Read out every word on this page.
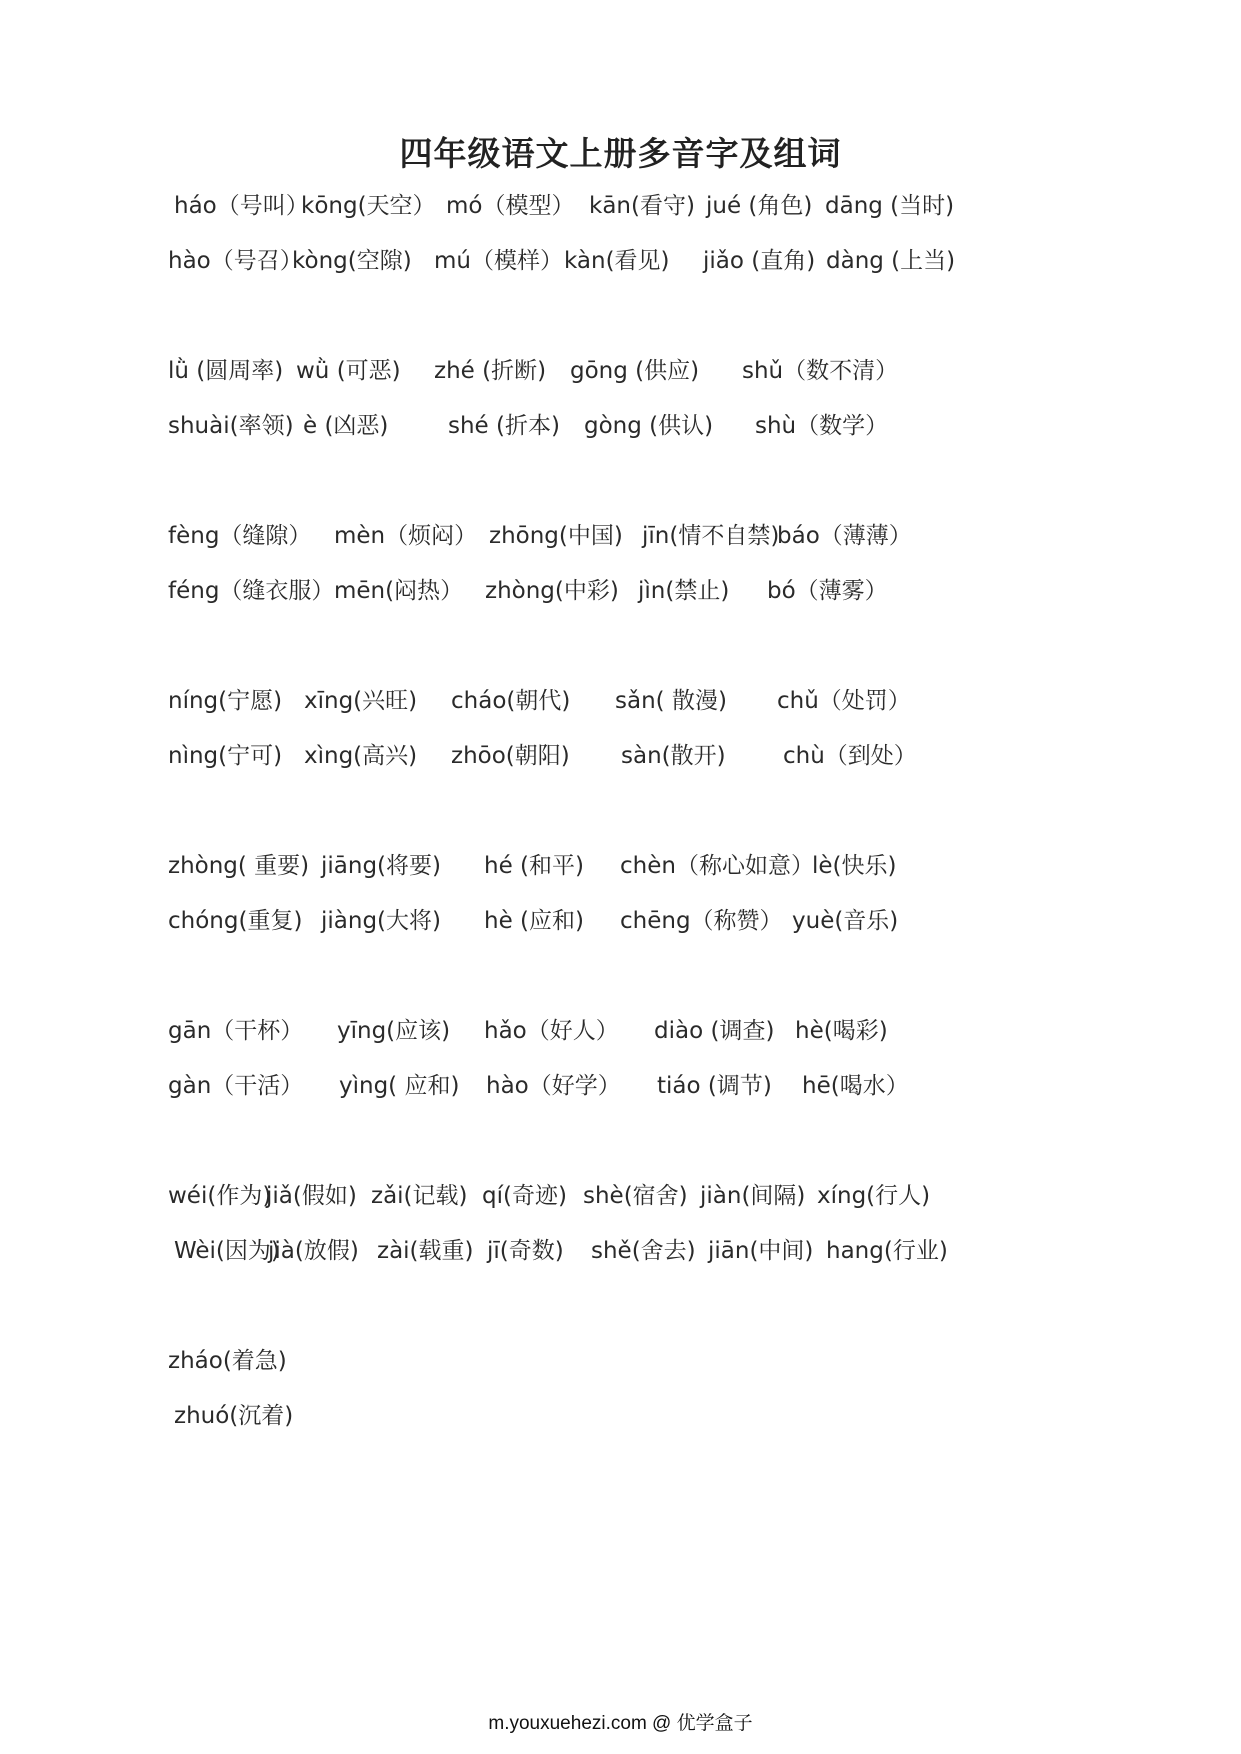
四年级语文上册多音字及组词
háo（号叫）
kōng(天空） mó（模型） kān(看守) jué (角色) dāng (当时)
hào（号召）
kòng(空隙) mú（模样） kàn(看见) jiǎo (直角) dàng (上当)
lǜ (圆周率) wǜ (可恶) zhé (折断) gōng (供应) shǔ（数不清）
shuài(率领) è (凶恶)	shé (折本) gòng (供认) shù（数学）
fèng（缝隙） mèn（烦闷） zhōng(中国) jīn(情不自禁)
báo（薄薄）
féng（缝衣服） mēn(闷热） zhòng(中彩) jìn(禁止) bó（薄雾）
níng(宁愿) xīng(兴旺) cháo(朝代) sǎn( 散漫) chǔ（处罚）
nìng(宁可) xìng(高兴) zhōo(朝阳) sàn(散开) chù（到处）
zhòng( 重要) jiāng(将要) hé (和平) chèn（称心如意）
lè(快乐)
chóng(重复) jiàng(大将) hè (应和) chēng（称赞） yuè(音乐)
gān（干杯） yīng(应该) hǎo（好人） diào (调查) hè(喝彩)
gàn（干活） yìng( 应和) hào（好学） tiáo (调节) hē(喝水）
wéi(作为)
jiǎ(假如) zǎi(记载) qí(奇迹) shè(宿舍) jiàn(间隔) xíng(行人)
Wèi(因为)
jià(放假) zài(载重) jī(奇数) shě(舍去) jiān(中间) hang(行业)
zháo(着急)
zhuó(沉着)
m.youxuehezi.com @ 优学盒子
